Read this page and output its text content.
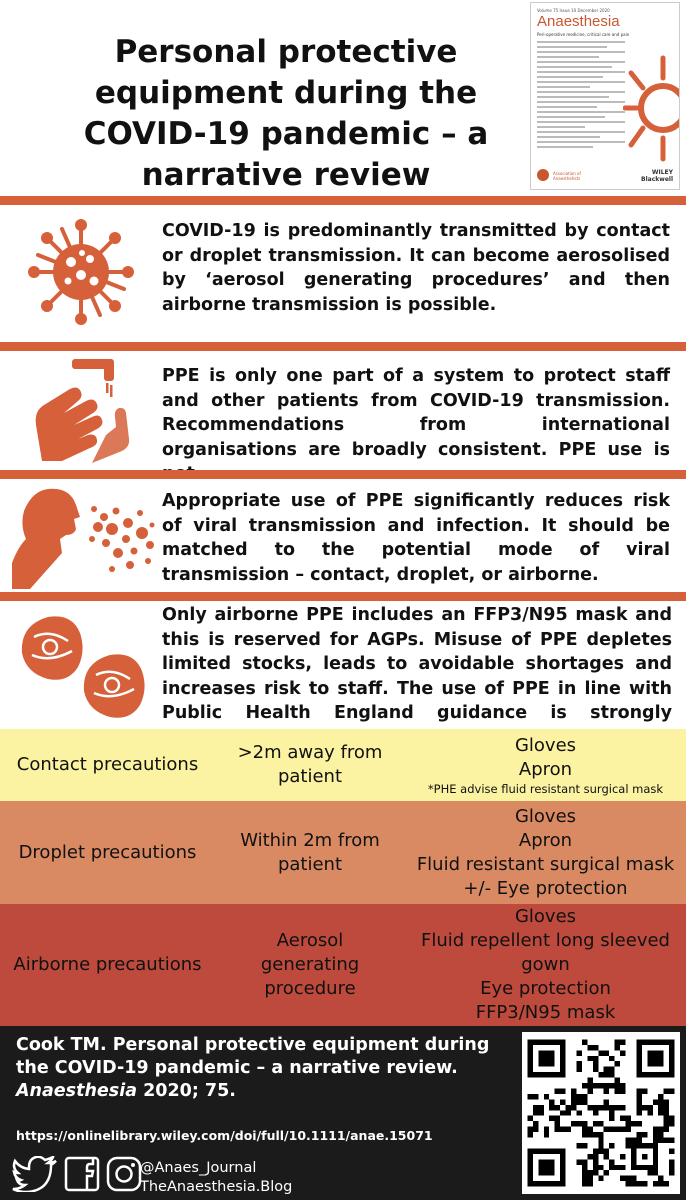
Personal protective equipment during the COVID-19 pandemic – a narrative review
Volume 75 Issue 10 December 2020
Anaesthesia
Peri-operative medicine, critical care and pain
Association of Anaesthetists
WILEY Blackwell
COVID-19 is predominantly transmitted by contact or droplet transmission. It can become aerosolised by ‘aerosol generating procedures’ and then airborne transmission is possible.
PPE is only one part of a system to protect staff and other patients from COVID-19 transmission. Recommendations from international organisations are broadly consistent. PPE use is
Appropriate use of PPE significantly reduces risk of viral transmission and infection. It should be matched to the potential mode of viral transmission – contact, droplet, or airborne.
Only airborne PPE includes an FFP3/N95 mask and this is reserved for AGPs. Misuse of PPE depletes limited stocks, leads to avoidable shortages and increases risk to staff. The use of PPE in line with Public Health England guidance is strongly
Contact precautions
>2m away from patient
Gloves
Apron
*PHE advise fluid resistant surgical mask
Droplet precautions
Within 2m from patient
Gloves
Apron
Fluid resistant surgical mask
+/- Eye protection
Airborne precautions
Aerosol generating procedure
Gloves
Fluid repellent long sleeved gown
Eye protection
FFP3/N95 mask
Cook TM. Personal protective equipment during the COVID-19 pandemic – a narrative review. Anaesthesia 2020; 75.
https://onlinelibrary.wiley.com/doi/full/10.1111/anae.15071
@Anaes_Journal
TheAnaesthesia.Blog
